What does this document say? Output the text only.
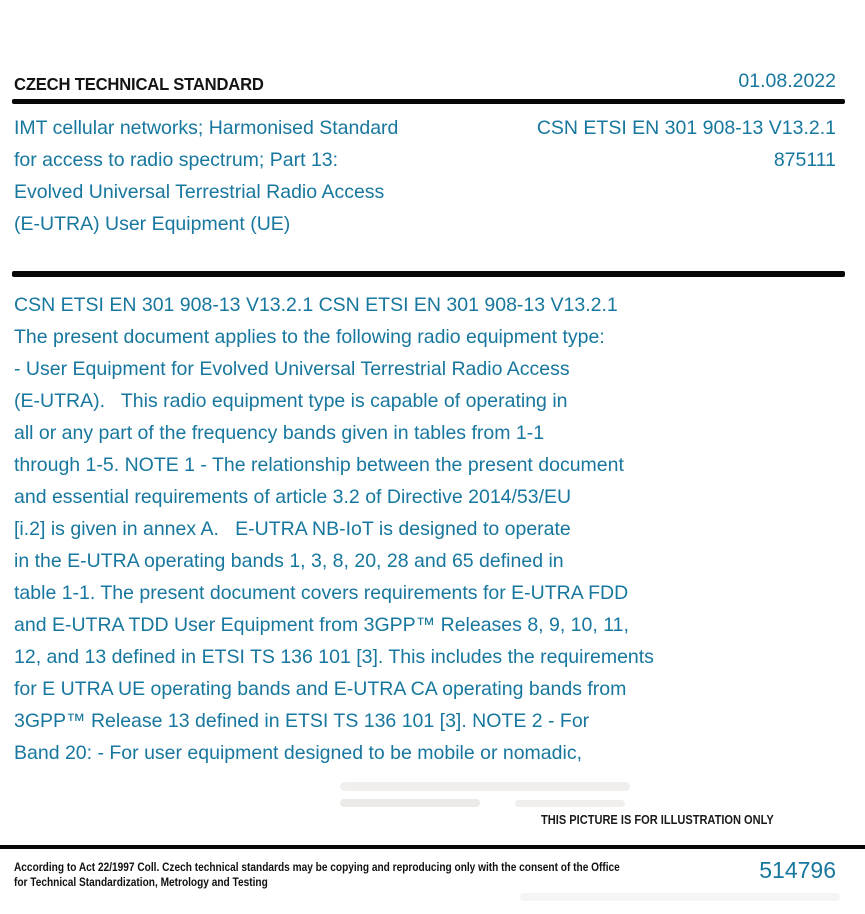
CZECH TECHNICAL STANDARD	01.08.2022
IMT cellular networks; Harmonised Standard
for access to radio spectrum; Part 13:
Evolved Universal Terrestrial Radio Access
(E-UTRA) User Equipment (UE)
CSN ETSI EN 301 908-13 V13.2.1
875111
CSN ETSI EN 301 908-13 V13.2.1 CSN ETSI EN 301 908-13 V13.2.1
The present document applies to the following radio equipment type:
- User Equipment for Evolved Universal Terrestrial Radio Access
(E-UTRA).   This radio equipment type is capable of operating in
all or any part of the frequency bands given in tables from 1-1
through 1-5. NOTE 1 - The relationship between the present document
and essential requirements of article 3.2 of Directive 2014/53/EU
[i.2] is given in annex A.   E-UTRA NB-IoT is designed to operate
in the E-UTRA operating bands 1, 3, 8, 20, 28 and 65 defined in
table 1-1. The present document covers requirements for E-UTRA FDD
and E-UTRA TDD User Equipment from 3GPP™ Releases 8, 9, 10, 11,
12, and 13 defined in ETSI TS 136 101 [3]. This includes the requirements
for E UTRA UE operating bands and E-UTRA CA operating bands from
3GPP™ Release 13 defined in ETSI TS 136 101 [3]. NOTE 2 - For
Band 20: - For user equipment designed to be mobile or nomadic,
THIS PICTURE IS FOR ILLUSTRATION ONLY
According to Act 22/1997 Coll. Czech technical standards may be copying and reproducing only with the consent of the Office
for Technical Standardization, Metrology and Testing	514796
